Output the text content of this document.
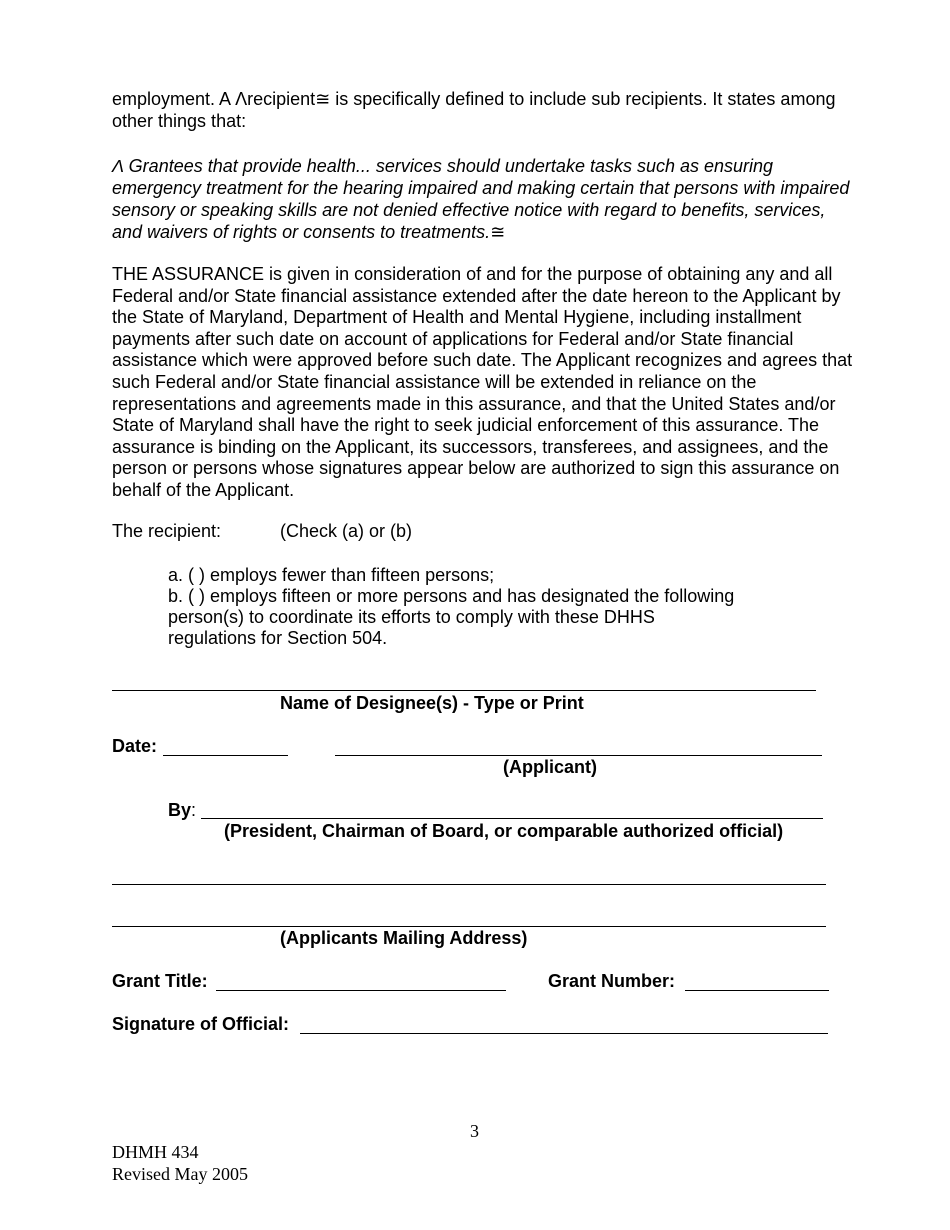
employment. A Λrecipient≅ is specifically defined to include sub recipients. It states among other things that:

Λ Grantees that provide health... services should undertake tasks such as ensuring emergency treatment for the hearing impaired and making certain that persons with impaired sensory or speaking skills are not denied effective notice with regard to benefits, services, and waivers of rights or consents to treatments.≅

THE ASSURANCE is given in consideration of and for the purpose of obtaining any and all Federal and/or State financial assistance extended after the date hereon to the Applicant by the State of Maryland, Department of Health and Mental Hygiene, including installment payments after such date on account of applications for Federal and/or State financial assistance which were approved before such date. The Applicant recognizes and agrees that such Federal and/or State financial assistance will be extended in reliance on the representations and agreements made in this assurance, and that the United States and/or State of Maryland shall have the right to seek judicial enforcement of this assurance. The assurance is binding on the Applicant, its successors, transferees, and assignees, and the person or persons whose signatures appear below are authorized to sign this assurance on behalf of the Applicant.

The recipient:	(Check (a) or (b)
a. ( ) employs fewer than fifteen persons;
b. ( ) employs fifteen or more persons and has designated the following
person(s) to coordinate its efforts to comply with these DHHS
regulations for Section 504.
Name of Designee(s) - Type or Print
Date:
(Applicant)
By:
(President, Chairman of Board, or comparable authorized official)
(Applicants Mailing Address)
Grant Title:	Grant Number:
Signature of Official:
3
DHMH 434
Revised May 2005
